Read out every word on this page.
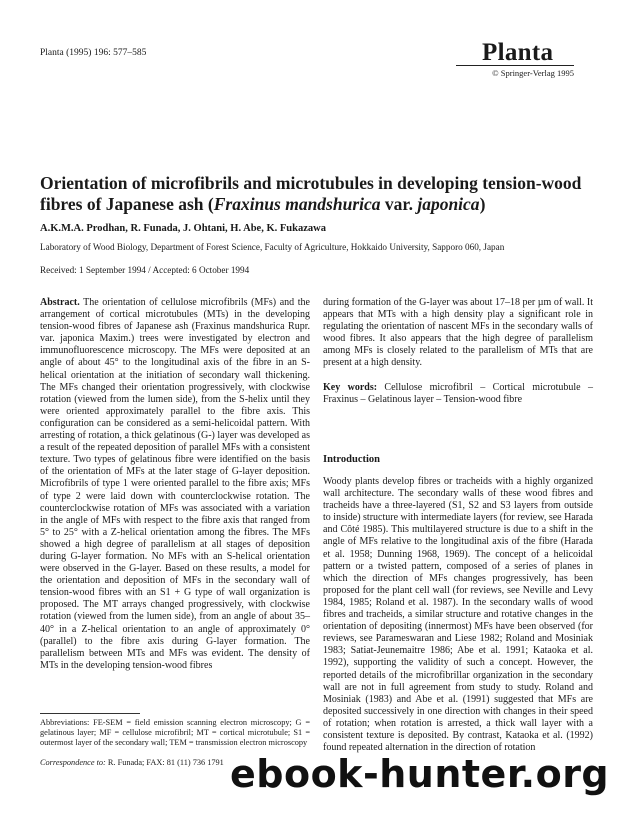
Planta (1995) 196: 577–585	Planta
© Springer-Verlag 1995
Orientation of microfibrils and microtubules in developing tension-wood fibres of Japanese ash (Fraxinus mandshurica var. japonica)
A.K.M.A. Prodhan, R. Funada, J. Ohtani, H. Abe, K. Fukazawa
Laboratory of Wood Biology, Department of Forest Science, Faculty of Agriculture, Hokkaido University, Sapporo 060, Japan
Received: 1 September 1994 / Accepted: 6 October 1994

Abstract. The orientation of cellulose microfibrils (MFs) and the arrangement of cortical microtubules (MTs) in the developing tension-wood fibres of Japanese ash (Fraxinus mandshurica Rupr. var. japonica Maxim.) trees were investigated by electron and immunofluorescence microscopy. The MFs were deposited at an angle of about 45° to the longitudinal axis of the fibre in an S-helical orientation at the initiation of secondary wall thickening. The MFs changed their orientation progressively, with clockwise rotation (viewed from the lumen side), from the S-helix until they were oriented approximately parallel to the fibre axis. This configuration can be considered as a semi-helicoidal pattern. With arresting of rotation, a thick gelatinous (G-) layer was developed as a result of the repeated deposition of parallel MFs with a consistent texture. Two types of gelatinous fibre were identified on the basis of the orientation of MFs at the later stage of G-layer deposition. Microfibrils of type 1 were oriented parallel to the fibre axis; MFs of type 2 were laid down with counterclockwise rotation. The counterclockwise rotation of MFs was associated with a variation in the angle of MFs with respect to the fibre axis that ranged from 5° to 25° with a Z-helical orientation among the fibres. The MFs showed a high degree of parallelism at all stages of deposition during G-layer formation. No MFs with an S-helical orientation were observed in the G-layer. Based on these results, a model for the orientation and deposition of MFs in the secondary wall of tension-wood fibres with an S1 + G type of wall organization is proposed. The MT arrays changed progressively, with clockwise rotation (viewed from the lumen side), from an angle of about 35–40° in a Z-helical orientation to an angle of approximately 0° (parallel) to the fibre axis during G-layer formation. The parallelism between MTs and MFs was evident. The density of MTs in the developing tension-wood fibres

during formation of the G-layer was about 17–18 per µm of wall. It appears that MTs with a high density play a significant role in regulating the orientation of nascent MFs in the secondary walls of wood fibres. It also appears that the high degree of parallelism among MFs is closely related to the parallelism of MTs that are present at a high density.

Key words: Cellulose microfibril – Cortical microtubule – Fraxinus – Gelatinous layer – Tension-wood fibre

Introduction
Woody plants develop fibres or tracheids with a highly organized wall architecture. The secondary walls of these wood fibres and tracheids have a three-layered (S1, S2 and S3 layers from outside to inside) structure with intermediate layers (for review, see Harada and Côté 1985). This multilayered structure is due to a shift in the angle of MFs relative to the longitudinal axis of the fibre (Harada et al. 1958; Dunning 1968, 1969). The concept of a helicoidal pattern or a twisted pattern, composed of a series of planes in which the direction of MFs changes progressively, has been proposed for the plant cell wall (for reviews, see Neville and Levy 1984, 1985; Roland et al. 1987). In the secondary walls of wood fibres and tracheids, a similar structure and rotative changes in the orientation of depositing (innermost) MFs have been observed (for reviews, see Parameswaran and Liese 1982; Roland and Mosiniak 1983; Satiat-Jeunemaitre 1986; Abe et al. 1991; Kataoka et al. 1992), supporting the validity of such a concept. However, the reported details of the microfibrillar organization in the secondary wall are not in full agreement from study to study. Roland and Mosiniak (1983) and Abe et al. (1991) suggested that MFs are deposited successively in one direction with changes in their speed of rotation; when rotation is arrested, a thick wall layer with a consistent texture is deposited. By contrast, Kataoka et al. (1992) found repeated alternation in the direction of rotation
Abbreviations: FE-SEM = field emission scanning electron microscopy; G = gelatinous layer; MF = cellulose microfibril; MT = cortical microtubule; S1 = outermost layer of the secondary wall; TEM = transmission electron microscopy
Correspondence to: R. Funada; FAX: 81 (11) 736 1791 ebook-hunter.org
